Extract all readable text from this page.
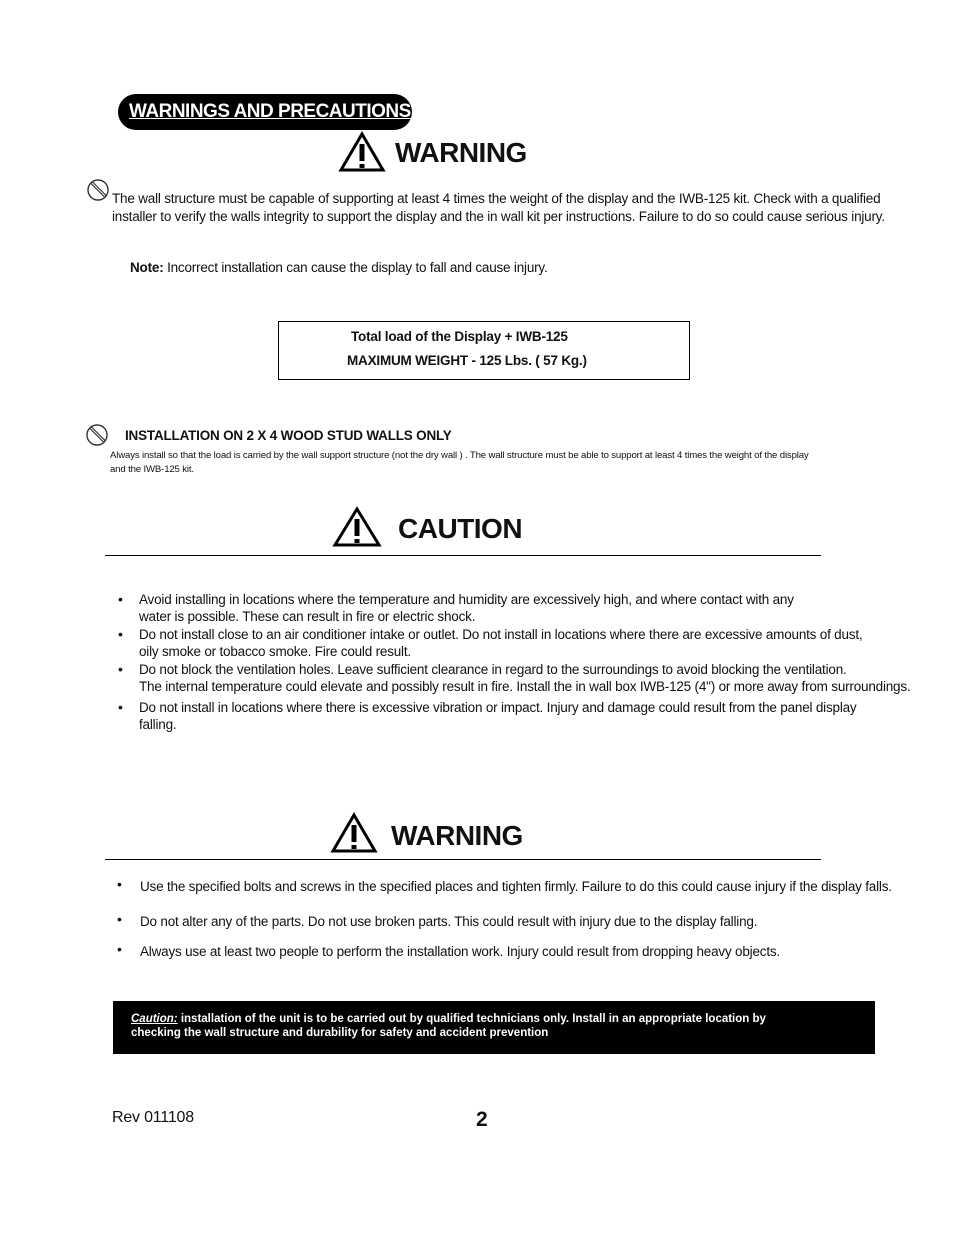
WARNINGS AND PRECAUTIONS
WARNING
The wall structure must be capable of supporting at least 4 times the weight of the display and the IWB-125 kit. Check with a qualified
installer to verify the walls integrity to support the display and the in wall kit per instructions. Failure to do so could cause serious injury.
Note: Incorrect installation can cause the display to fall and cause injury.
Total load of the Display + IWB-125
MAXIMUM WEIGHT - 125 Lbs. ( 57 Kg.)
INSTALLATION ON 2 X 4 WOOD STUD WALLS ONLY
Always install so that the load is carried by the wall support structure (not the dry wall ) . The wall structure must be able to support at least 4 times the weight of the display
and the IWB-125 kit.
CAUTION
• Avoid installing in locations where the temperature and humidity are excessively high, and where contact with any
water is possible. These can result in fire or electric shock.
• Do not install close to an air conditioner intake or outlet. Do not install in locations where there are excessive amounts of dust,
oily smoke or tobacco smoke. Fire could result.
• Do not block the ventilation holes. Leave sufficient clearance in regard to the surroundings to avoid blocking the ventilation.
The internal temperature could elevate and possibly result in fire. Install the in wall box IWB-125 (4") or more away from surroundings.
• Do not install in locations where there is excessive vibration or impact. Injury and damage could result from the panel display
falling.
WARNING
• Use the specified bolts and screws in the specified places and tighten firmly. Failure to do this could cause injury if the display falls.
• Do not alter any of the parts. Do not use broken parts. This could result with injury due to the display falling.
• Always use at least two people to perform the installation work. Injury could result from dropping heavy objects.
Caution: installation of the unit is to be carried out by qualified technicians only. Install in an appropriate location by
checking the wall structure and durability for safety and accident prevention
Rev 011108	2
